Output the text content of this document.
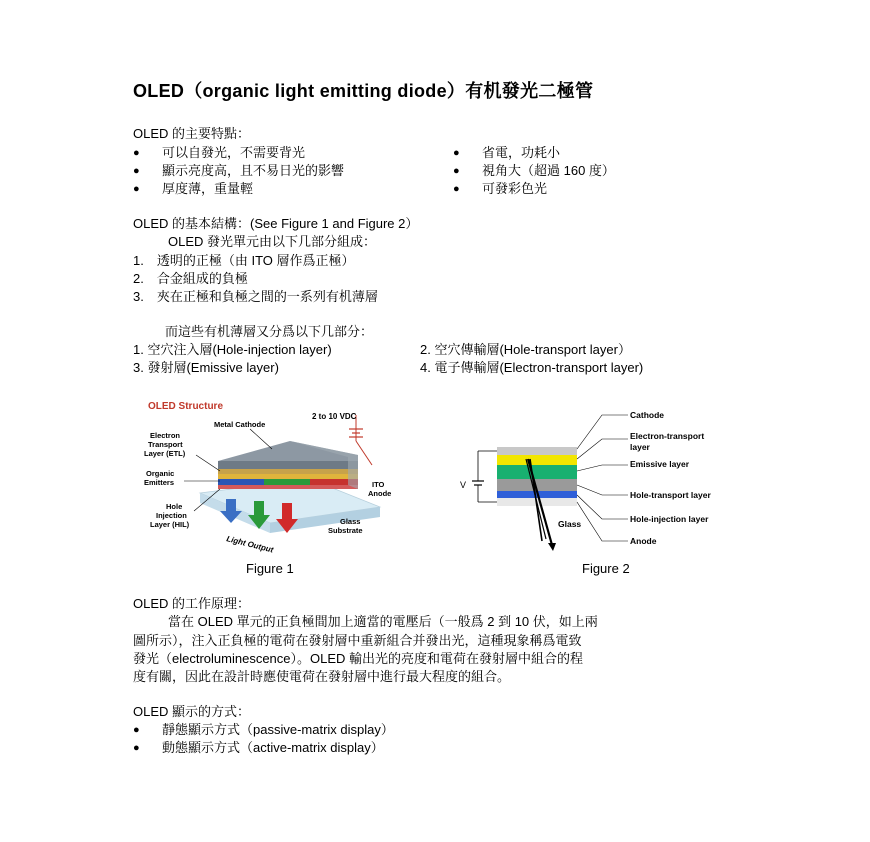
OLED（organic light emitting diode）有机發光二極管
OLED 的主要特點：
● 可以自發光，不需要背光	● 省電，功耗小
● 顯示亮度高，且不易日光的影響	● 視角大（超過 160 度）
● 厚度薄，重量輕	● 可發彩色光
OLED 的基本結構：(See Figure 1 and Figure 2）
OLED 發光單元由以下几部分組成：
1.　透明的正極（由 ITO 層作爲正極）
2.　合金組成的負極
3.　夾在正極和負極之間的一系列有机薄層
而這些有机薄層又分爲以下几部分：
1. 空穴注入層(Hole-injection layer)	2. 空穴傳輸層(Hole-transport layer）
3. 發射層(Emissive layer)	4. 電子傳輸層(Electron-transport layer)
OLED Structure
2 to 10 VDC
Metal Cathode
Electron
Transport
Layer (ETL)
Organic
Emitters	ITO
Anode
Hole
Injection
Layer (HIL)	Glass
Substrate
Light Output
Figure 1
V
Cathode
Electron-transport
layer
Emissive layer
Hole-transport layer
Hole-injection layer
Anode
Glass
Figure 2
OLED 的工作原理：
當在 OLED 單元的正負極間加上適當的電壓后（一般爲 2 到 10 伏，如上兩
圖所示），注入正負極的電荷在發射層中重新組合并發出光，這種現象稱爲電致
發光（electroluminescence）。OLED 輸出光的亮度和電荷在發射層中組合的程
度有關，因此在設計時應使電荷在發射層中進行最大程度的組合。
OLED 顯示的方式：
● 靜態顯示方式（passive-matrix display）
● 動態顯示方式（active-matrix display）
